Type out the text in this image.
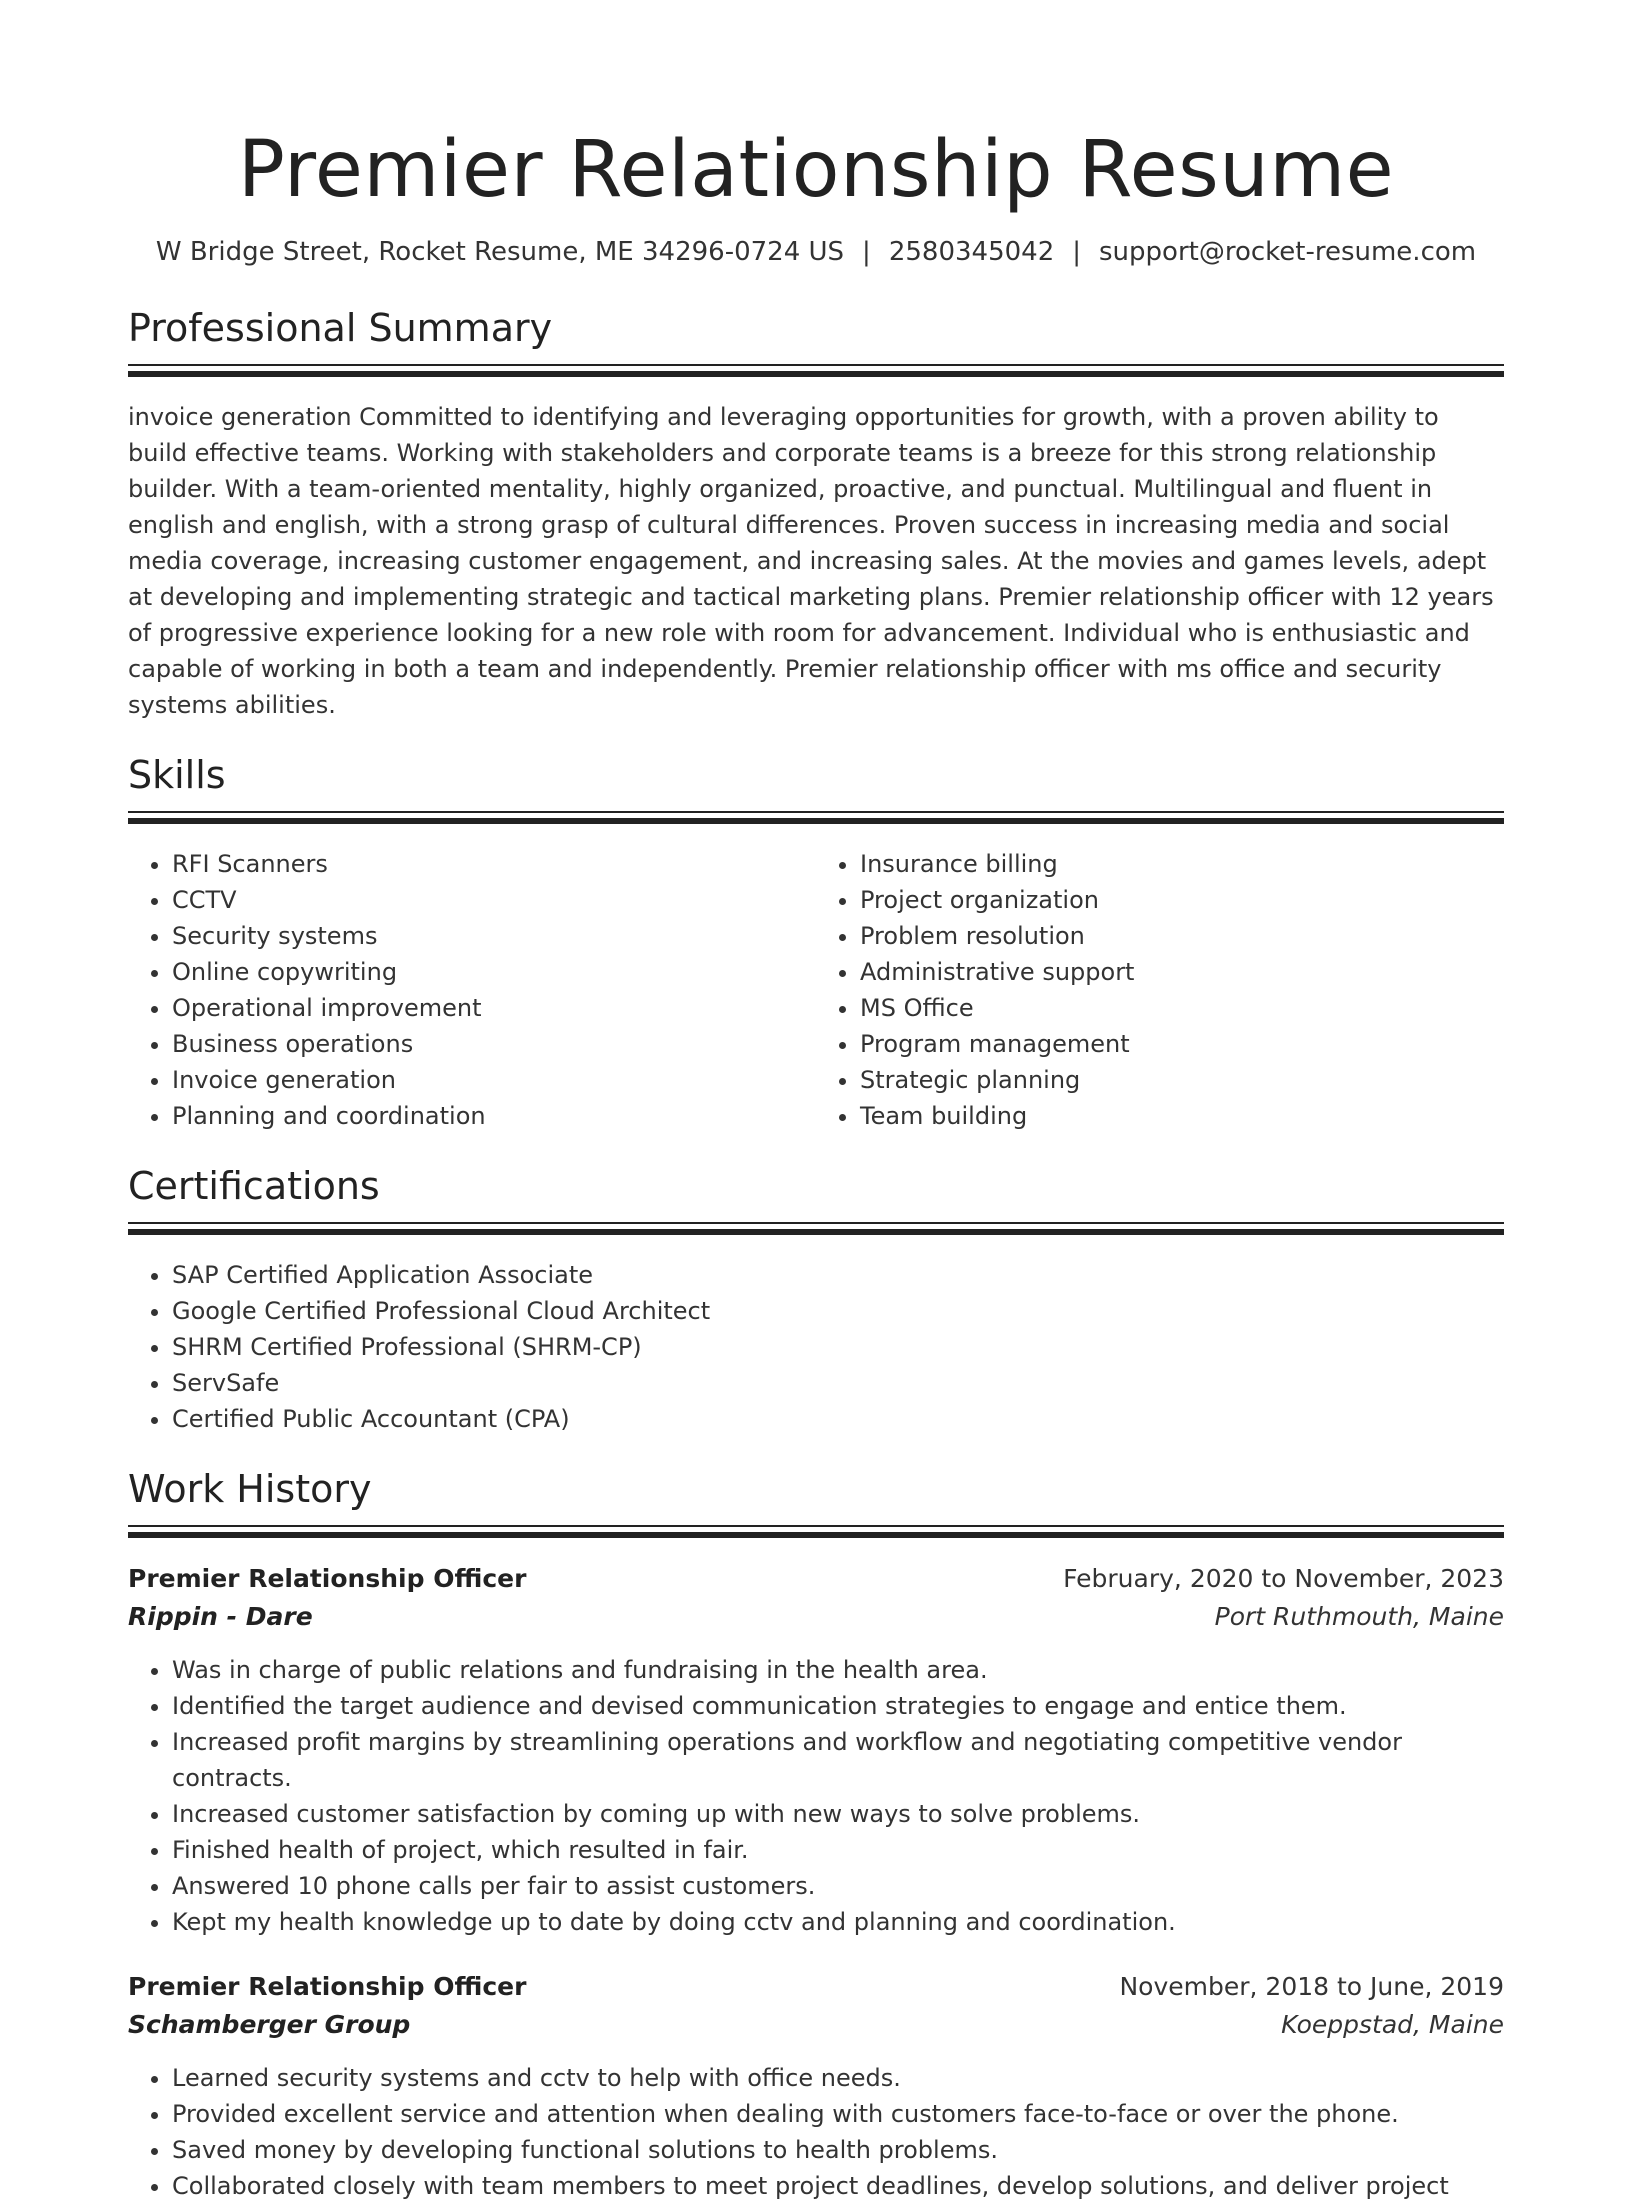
Premier Relationship Resume
W Bridge Street, Rocket Resume, ME 34296-0724 US | 2580345042 | support@rocket-resume.com
Professional Summary

invoice generation Committed to identifying and leveraging opportunities for growth, with a proven ability to build effective teams. Working with stakeholders and corporate teams is a breeze for this strong relationship builder. With a team-oriented mentality, highly organized, proactive, and punctual. Multilingual and fluent in english and english, with a strong grasp of cultural differences. Proven success in increasing media and social media coverage, increasing customer engagement, and increasing sales. At the movies and games levels, adept at developing and implementing strategic and tactical marketing plans. Premier relationship officer with 12 years of progressive experience looking for a new role with room for advancement. Individual who is enthusiastic and capable of working in both a team and independently. Premier relationship officer with ms office and security systems abilities.

Skills
• RFI Scanners
• CCTV
• Security systems
• Online copywriting
• Operational improvement
• Business operations
• Invoice generation
• Planning and coordination
• Insurance billing
• Project organization
• Problem resolution
• Administrative support
• MS Office
• Program management
• Strategic planning
• Team building
Certifications
• SAP Certified Application Associate
• Google Certified Professional Cloud Architect
• SHRM Certified Professional (SHRM-CP)
• ServSafe
• Certified Public Accountant (CPA)
Work History
Premier Relationship Officer	February, 2020 to November, 2023
Rippin - Dare	Port Ruthmouth, Maine
• Was in charge of public relations and fundraising in the health area.
• Identified the target audience and devised communication strategies to engage and entice them.
• Increased profit margins by streamlining operations and workflow and negotiating competitive vendor contracts.
• Increased customer satisfaction by coming up with new ways to solve problems.
• Finished health of project, which resulted in fair.
• Answered 10 phone calls per fair to assist customers.
• Kept my health knowledge up to date by doing cctv and planning and coordination.
Premier Relationship Officer	November, 2018 to June, 2019
Schamberger Group	Koeppstad, Maine
• Learned security systems and cctv to help with office needs.
• Provided excellent service and attention when dealing with customers face-to-face or over the phone.
• Saved money by developing functional solutions to health problems.
• Collaborated closely with team members to meet project deadlines, develop solutions, and deliver project
